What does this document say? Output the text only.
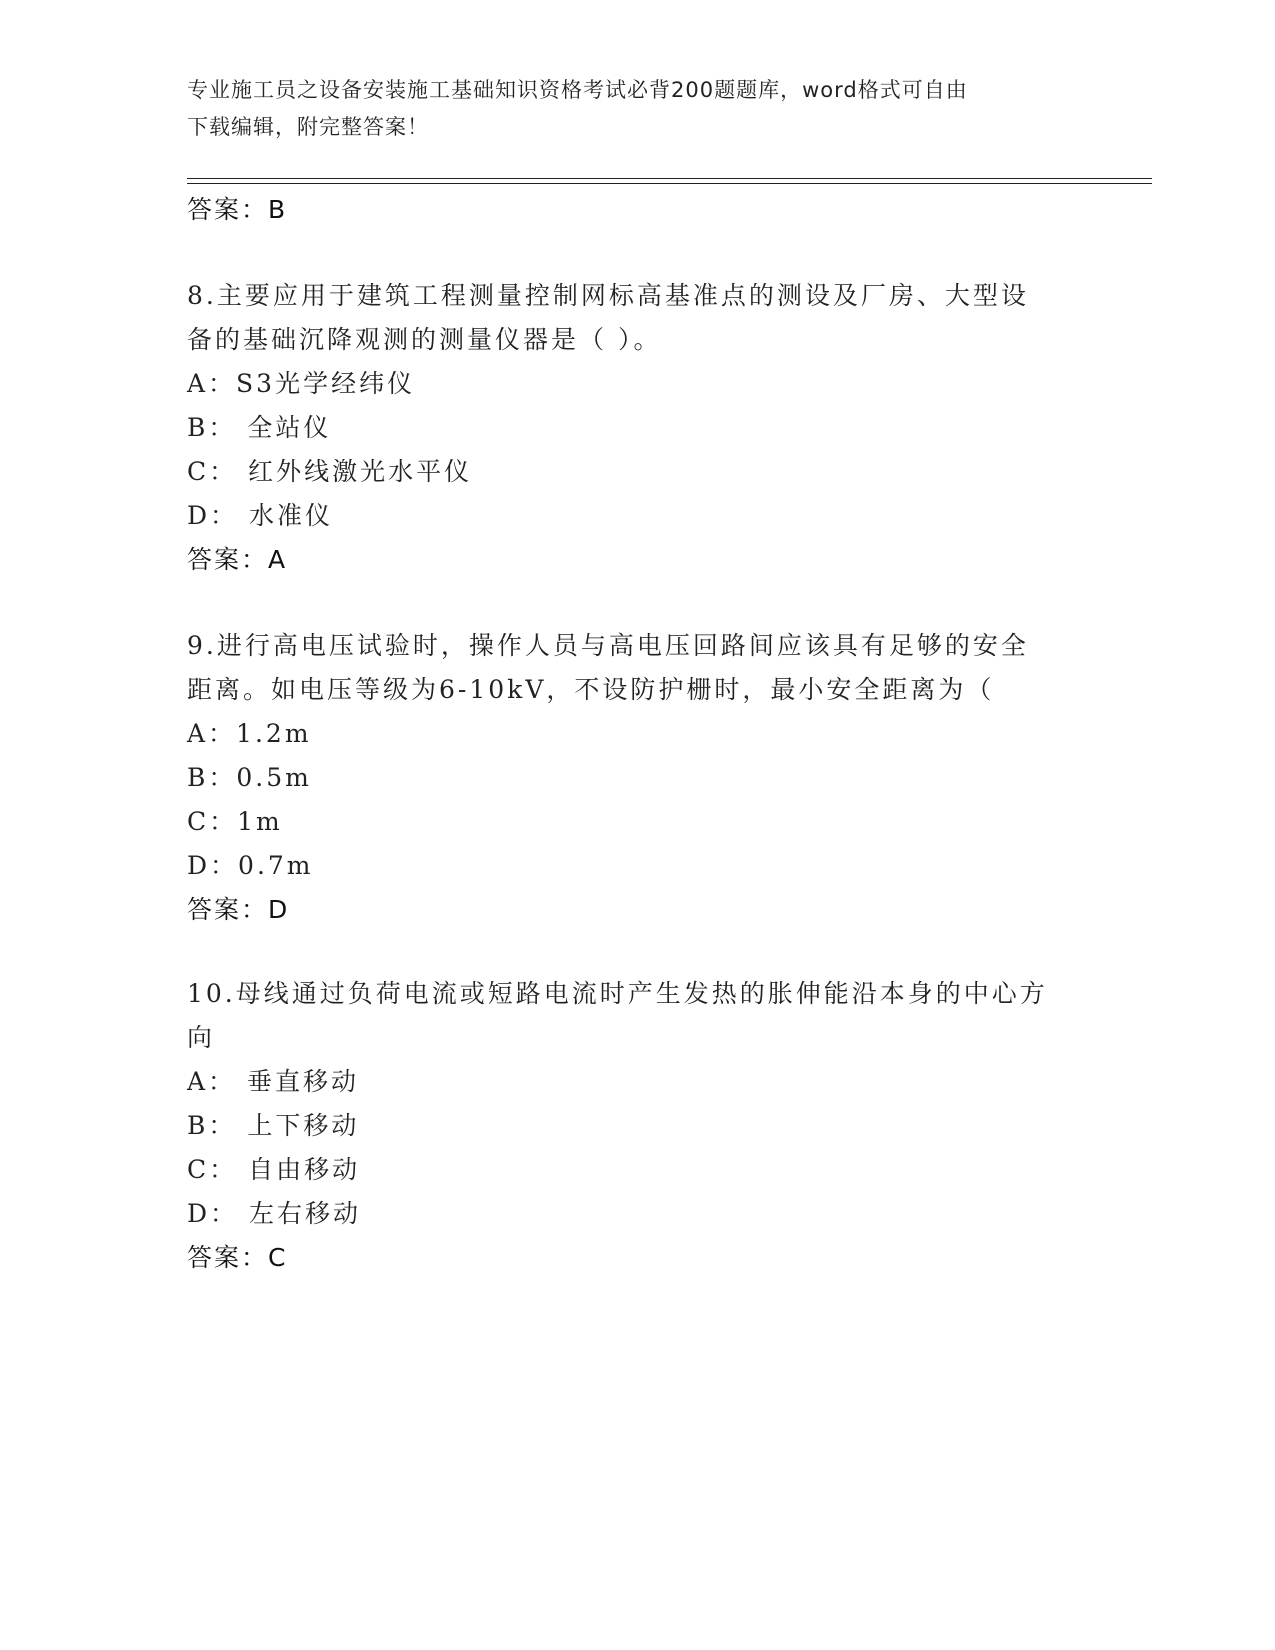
专业施工员之设备安装施工基础知识资格考试必背200题题库，word格式可自由
下载编辑，附完整答案！
答案：B
8.主要应用于建筑工程测量控制网标高基准点的测设及厂房、大型设
备的基础沉降观测的测量仪器是（ ）。
A：S3光学经纬仪
B： 全站仪
C： 红外线激光水平仪
D： 水准仪
答案：A
9.进行高电压试验时，操作人员与高电压回路间应该具有足够的安全
距离。如电压等级为6-10kV，不设防护栅时，最小安全距离为（
A：1.2m
B：0.5m
C：1m
D：0.7m
答案：D
10.母线通过负荷电流或短路电流时产生发热的胀伸能沿本身的中心方
向
A： 垂直移动
B： 上下移动
C： 自由移动
D： 左右移动
答案：C
